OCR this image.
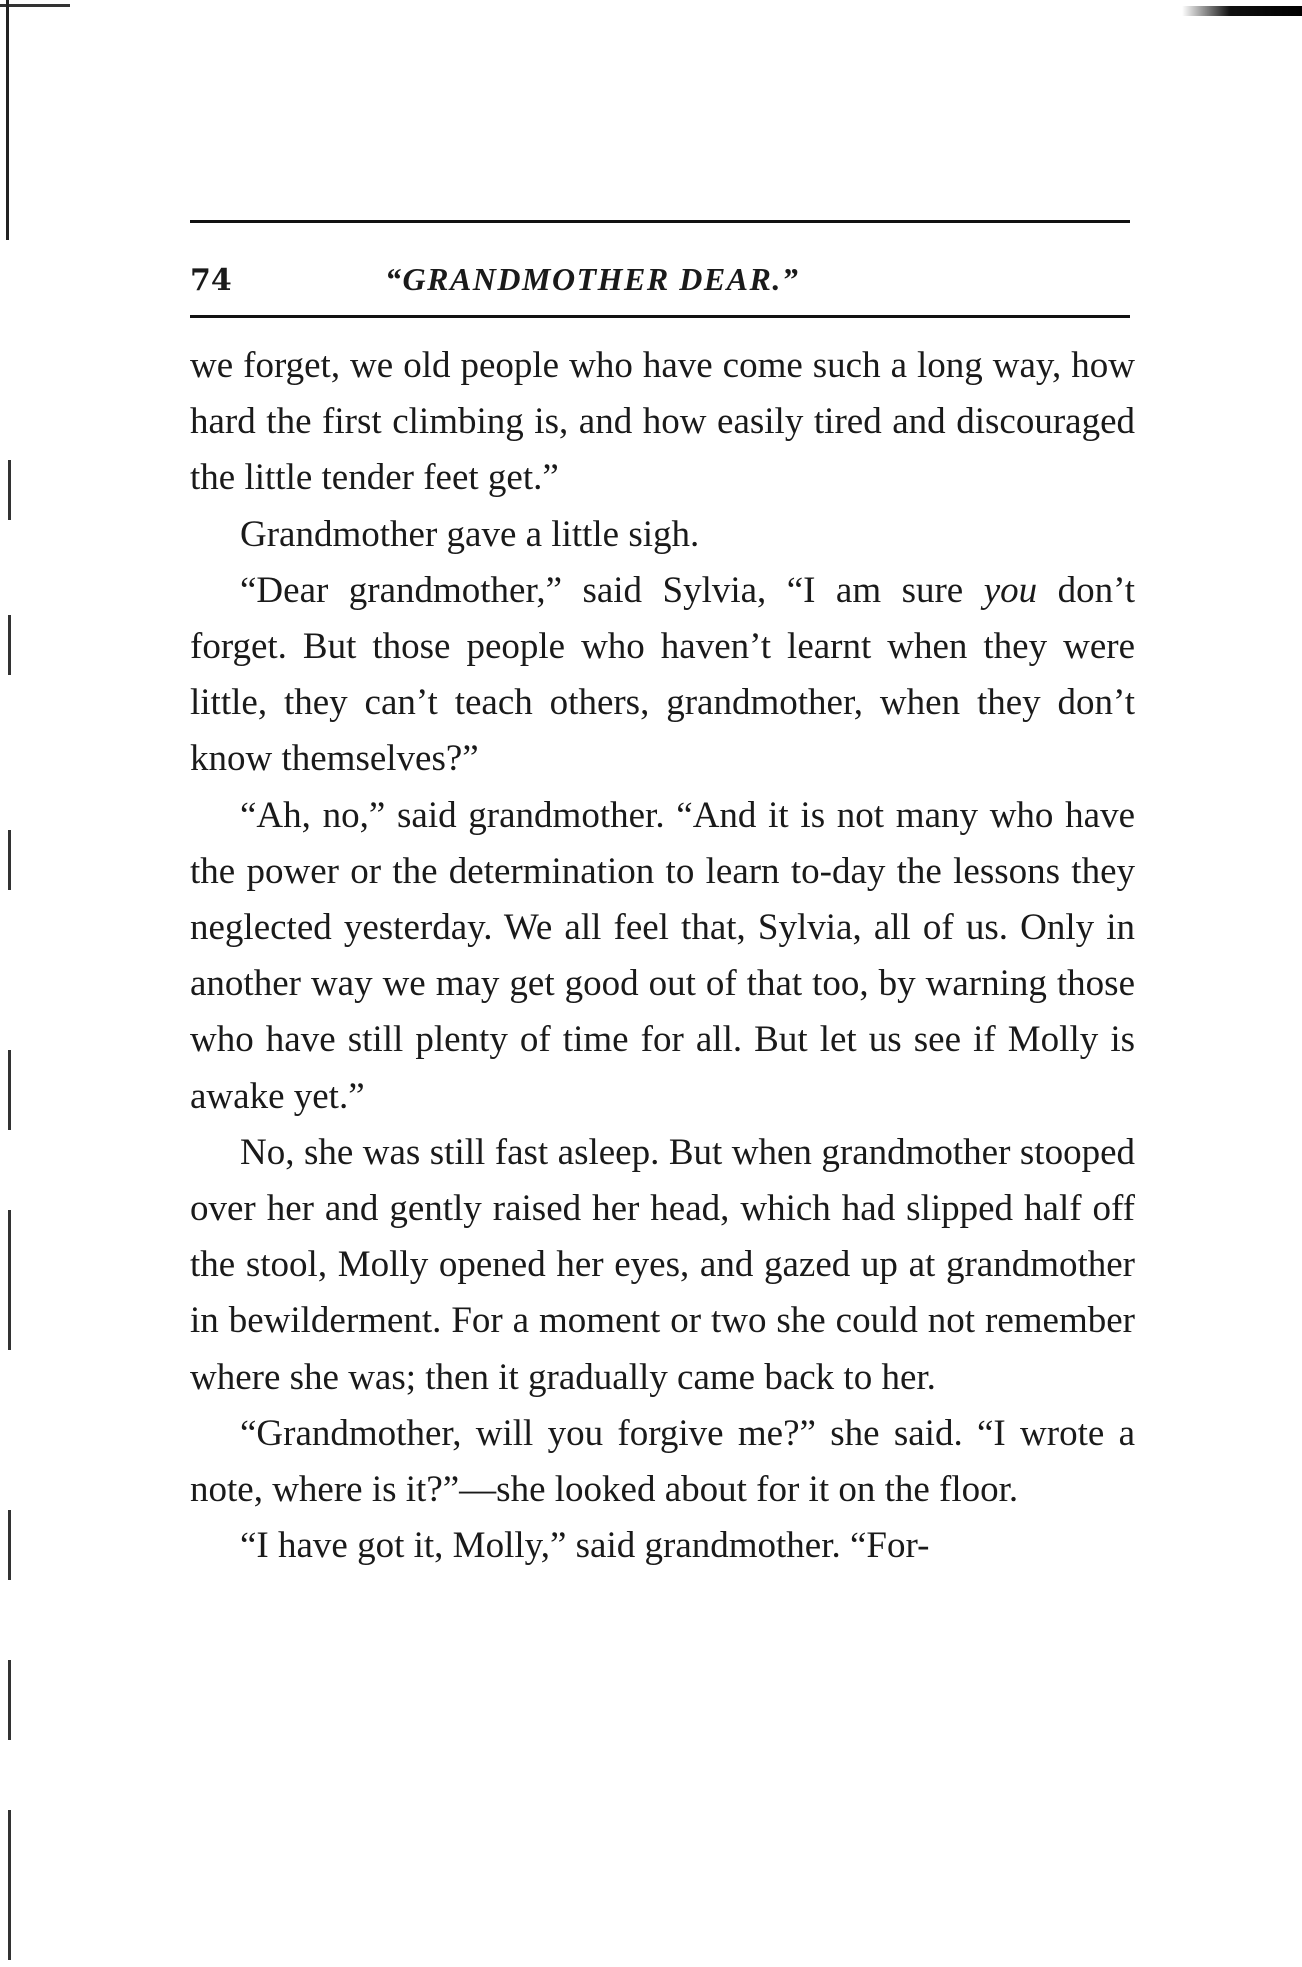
74	“GRANDMOTHER DEAR.”

we forget, we old people who have come such a long way, how hard the first climbing is, and how easily tired and discouraged the little tender feet get.”

Grandmother gave a little sigh.

“Dear grandmother,” said Sylvia, “I am sure you don’t forget. But those people who haven’t learnt when they were little, they can’t teach others, grandmother, when they don’t know themselves?”

“Ah, no,” said grandmother. “And it is not many who have the power or the determination to learn to-day the lessons they neglected yesterday. We all feel that, Sylvia, all of us. Only in another way we may get good out of that too, by warning those who have still plenty of time for all. But let us see if Molly is awake yet.”

No, she was still fast asleep. But when grandmother stooped over her and gently raised her head, which had slipped half off the stool, Molly opened her eyes, and gazed up at grandmother in bewilderment. For a moment or two she could not remember where she was; then it gradually came back to her.

“Grandmother, will you forgive me?” she said. “I wrote a note, where is it?”—she looked about for it on the floor.

“I have got it, Molly,” said grandmother. “For-
